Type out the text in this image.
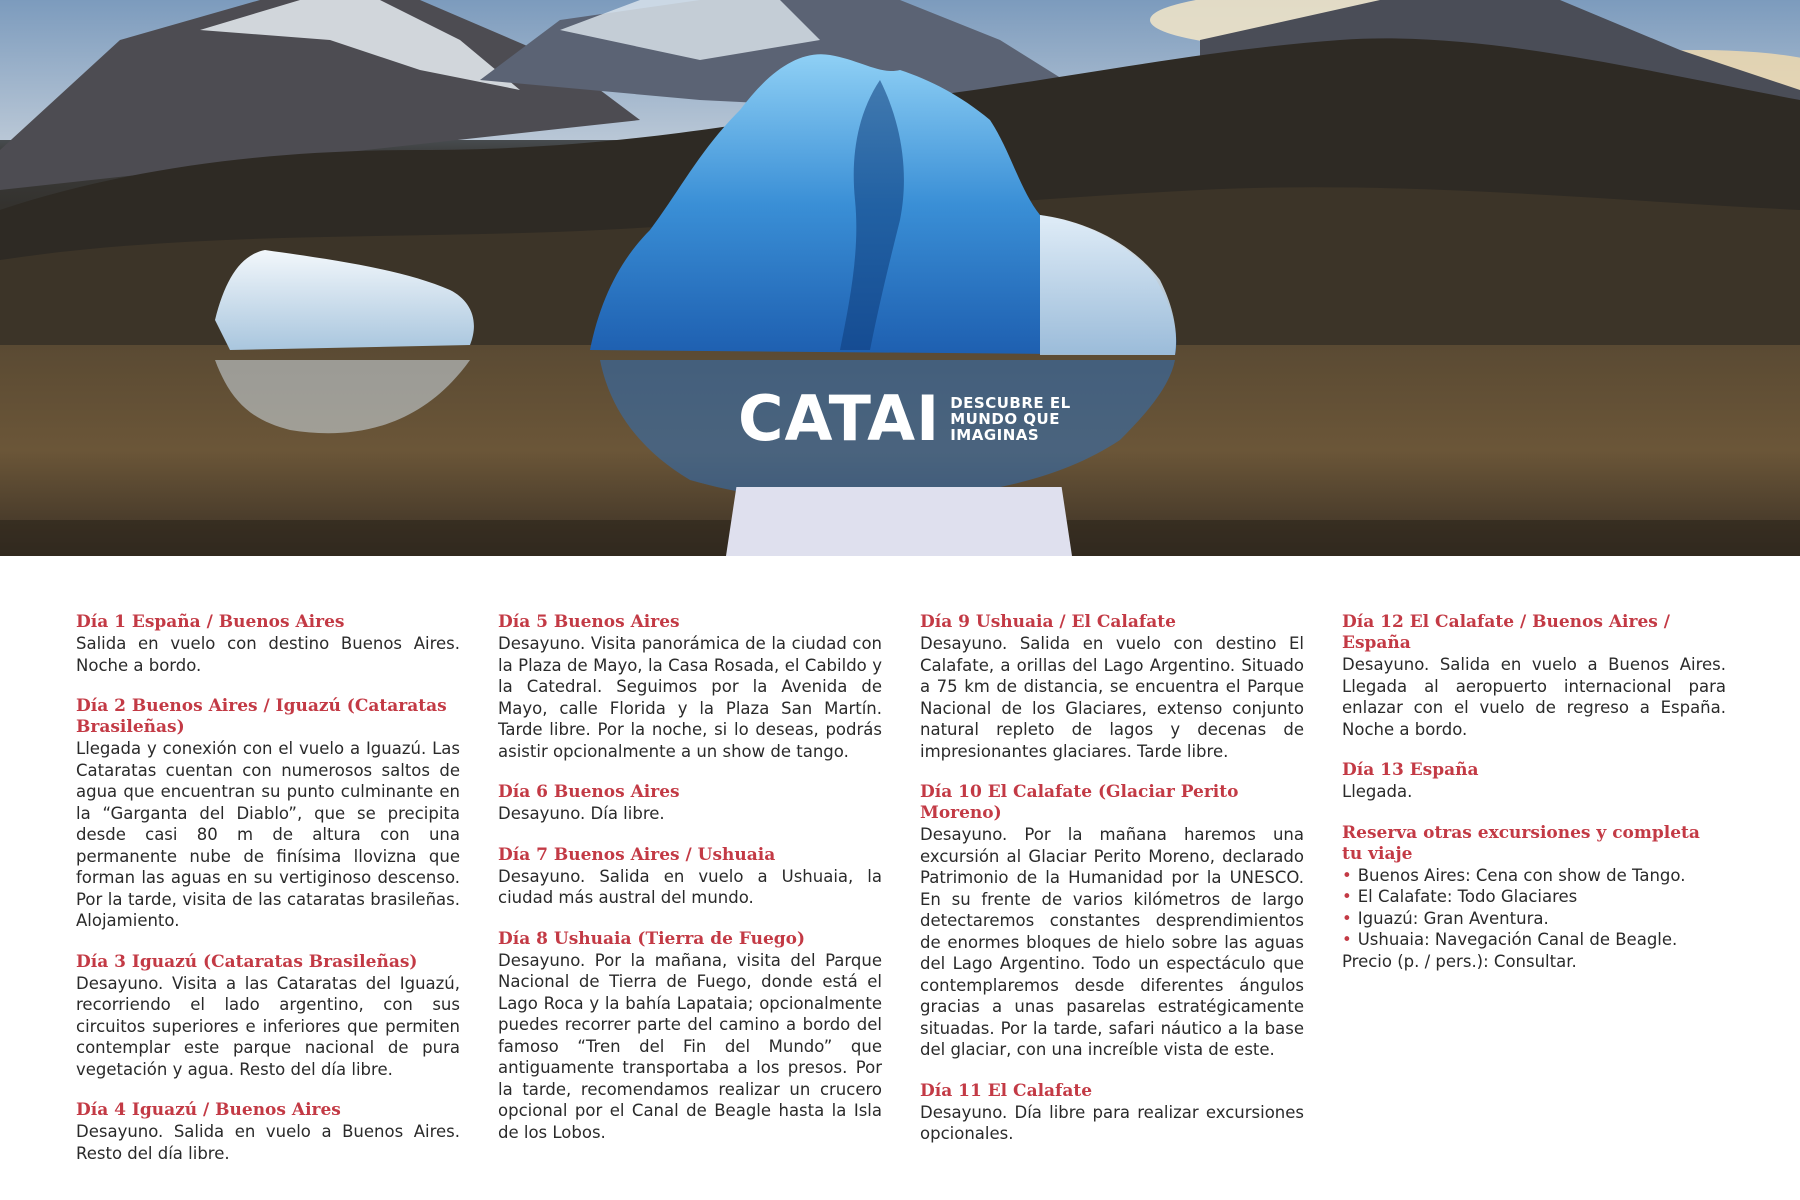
CATAI DESCUBRE EL
MUNDO QUE
IMAGINAS
Día 1 España / Buenos Aires

Salida en vuelo con destino Buenos Aires. Noche a bordo.

Día 2 Buenos Aires / Iguazú (Cataratas Brasileñas)

Llegada y conexión con el vuelo a Iguazú. Las Cataratas cuentan con numerosos saltos de agua que encuentran su punto culminante en la “Garganta del Diablo”, que se precipita desde casi 80 m de altura con una permanente nube de finísima llovizna que forman las aguas en su vertiginoso descenso. Por la tarde, visita de las cataratas brasileñas. Alojamiento.

Día 3 Iguazú (Cataratas Brasileñas)

Desayuno. Visita a las Cataratas del Iguazú, recorriendo el lado argentino, con sus circuitos superiores e inferiores que permiten contemplar este parque nacional de pura vegetación y agua. Resto del día libre.

Día 4 Iguazú / Buenos Aires

Desayuno. Salida en vuelo a Buenos Aires. Resto del día libre.

Día 5 Buenos Aires

Desayuno. Visita panorámica de la ciudad con la Plaza de Mayo, la Casa Rosada, el Cabildo y la Catedral. Seguimos por la Avenida de Mayo, calle Florida y la Plaza San Martín. Tarde libre. Por la noche, si lo deseas, podrás asistir opcionalmente a un show de tango.

Día 6 Buenos Aires

Desayuno. Día libre.

Día 7 Buenos Aires / Ushuaia

Desayuno. Salida en vuelo a Ushuaia, la ciudad más austral del mundo.

Día 8 Ushuaia (Tierra de Fuego)

Desayuno. Por la mañana, visita del Parque Nacional de Tierra de Fuego, donde está el Lago Roca y la bahía Lapataia; opcionalmente puedes recorrer parte del camino a bordo del famoso “Tren del Fin del Mundo” que antiguamente transportaba a los presos. Por la tarde, recomendamos realizar un crucero opcional por el Canal de Beagle hasta la Isla de los Lobos.

Día 9 Ushuaia / El Calafate

Desayuno. Salida en vuelo con destino El Calafate, a orillas del Lago Argentino. Situado a 75 km de distancia, se encuentra el Parque Nacional de los Glaciares, extenso conjunto natural repleto de lagos y decenas de impresionantes glaciares. Tarde libre.

Día 10 El Calafate (Glaciar Perito Moreno)

Desayuno. Por la mañana haremos una excursión al Glaciar Perito Moreno, declarado Patrimonio de la Humanidad por la UNESCO. En su frente de varios kilómetros de largo detectaremos constantes desprendimientos de enormes bloques de hielo sobre las aguas del Lago Argentino. Todo un espectáculo que contemplaremos desde diferentes ángulos gracias a unas pasarelas estratégicamente situadas. Por la tarde, safari náutico a la base del glaciar, con una increíble vista de este.

Día 11 El Calafate

Desayuno. Día libre para realizar excursiones opcionales.

Día 12 El Calafate / Buenos Aires / España

Desayuno. Salida en vuelo a Buenos Aires. Llegada al aeropuerto internacional para enlazar con el vuelo de regreso a España. Noche a bordo.

Día 13 España

Llegada.

Reserva otras excursiones y completa tu viaje
• Buenos Aires: Cena con show de Tango.
• El Calafate: Todo Glaciares
• Iguazú: Gran Aventura.
• Ushuaia: Navegación Canal de Beagle.

Precio (p. / pers.): Consultar.
